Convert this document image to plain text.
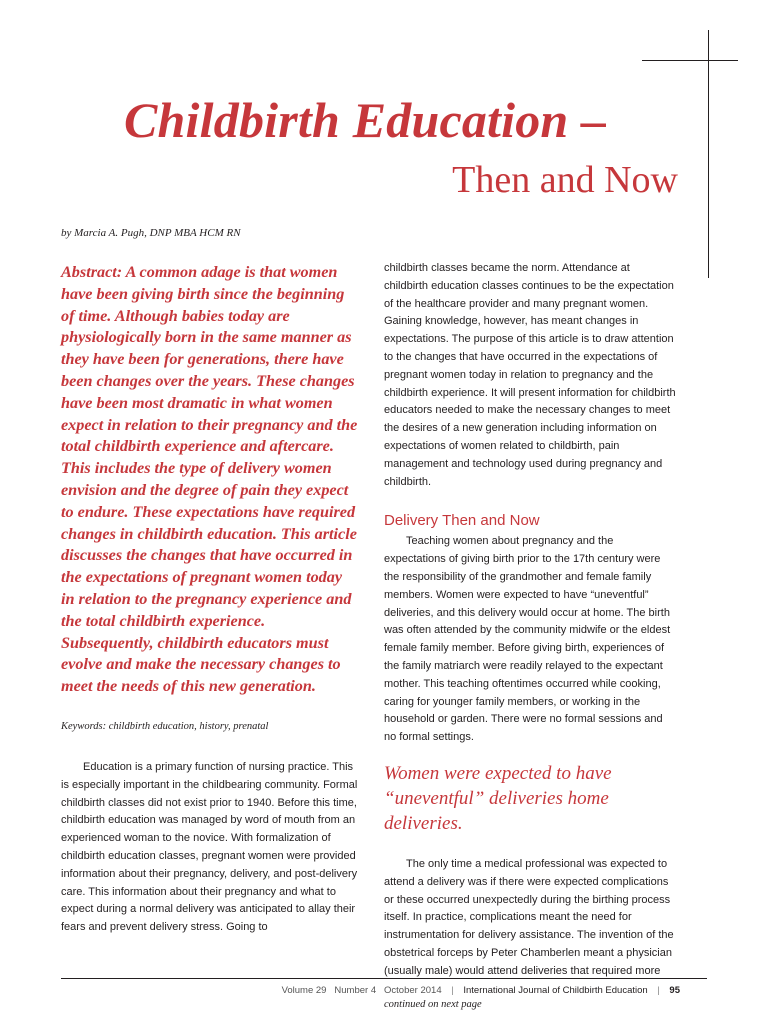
Childbirth Education –
Then and Now

by Marcia A. Pugh, DNP MBA HCM RN

Abstract: A common adage is that women have been giving birth since the beginning of time. Although babies today are physiologically born in the same manner as they have been for generations, there have been changes over the years. These changes have been most dramatic in what women expect in relation to their pregnancy and the total childbirth experience and aftercare. This includes the type of delivery women envision and the degree of pain they expect to endure. These expectations have required changes in childbirth education. This article discusses the changes that have occurred in the expectations of pregnant women today in relation to the pregnancy experience and the total childbirth experience. Subsequently, childbirth educators must evolve and make the necessary changes to meet the needs of this new generation.

Keywords: childbirth education, history, prenatal

Education is a primary function of nursing practice. This is especially important in the childbearing community. Formal childbirth classes did not exist prior to 1940. Before this time, childbirth education was managed by word of mouth from an experienced woman to the novice. With formalization of childbirth education classes, pregnant women were provided information about their pregnancy, delivery, and post-delivery care. This information about their pregnancy and what to expect during a normal delivery was anticipated to allay their fears and prevent delivery stress. Going to

childbirth classes became the norm. Attendance at childbirth education classes continues to be the expectation of the healthcare provider and many pregnant women. Gaining knowledge, however, has meant changes in expectations. The purpose of this article is to draw attention to the changes that have occurred in the expectations of pregnant women today in relation to pregnancy and the childbirth experience. It will present information for childbirth educators needed to make the necessary changes to meet the desires of a new generation including information on expectations of women related to childbirth, pain management and technology used during pregnancy and childbirth.

Delivery Then and Now

Teaching women about pregnancy and the expectations of giving birth prior to the 17th century were the responsibility of the grandmother and female family members. Women were expected to have “uneventful” deliveries, and this delivery would occur at home. The birth was often attended by the community midwife or the eldest female family member. Before giving birth, experiences of the family matriarch were readily relayed to the expectant mother. This teaching oftentimes occurred while cooking, caring for younger family members, or working in the household or garden. There were no formal sessions and no formal settings.

Women were expected to have “uneventful” deliveries home deliveries.

The only time a medical professional was expected to attend a delivery was if there were expected complications or these occurred unexpectedly during the birthing process itself. In practice, complications meant the need for instrumentation for delivery assistance. The invention of the obstetrical forceps by Peter Chamberlen meant a physician (usually male) would attend deliveries that required more

continued on next page

Volume 29 Number 4 October 2014 | International Journal of Childbirth Education | 95
